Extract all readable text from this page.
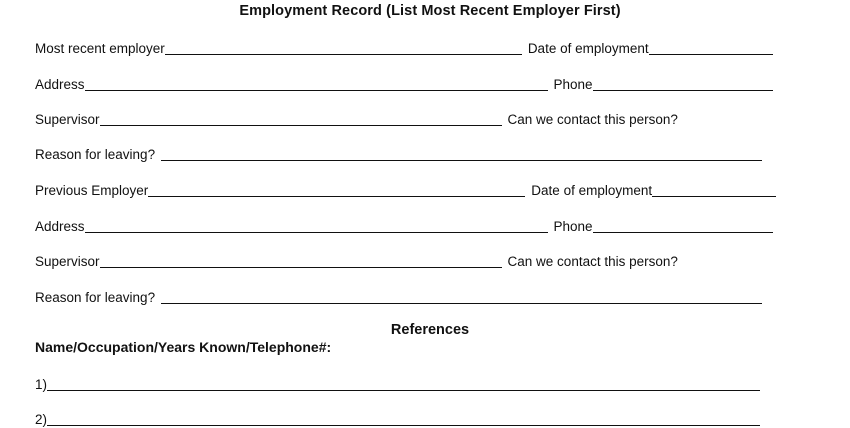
Employment Record (List Most Recent Employer First)
Most recent employer	Date of employment
Address	Phone
Supervisor	Can we contact this person?
Reason for leaving?
Previous Employer	Date of employment
Address	Phone
Supervisor	Can we contact this person?
Reason for leaving?
References
Name/Occupation/Years Known/Telephone#:
1)
2)
